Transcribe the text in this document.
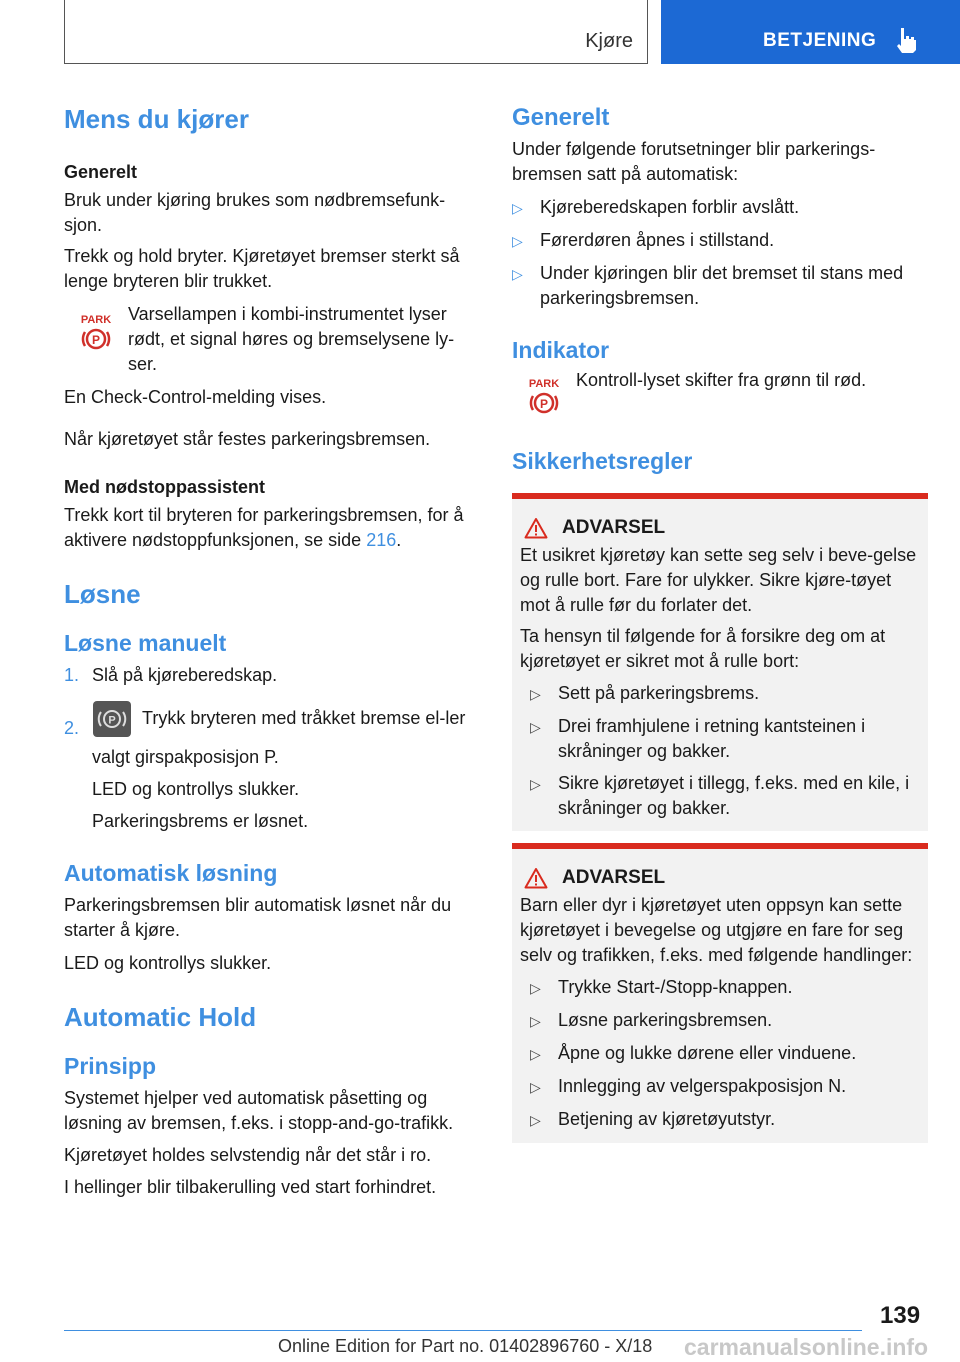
Kjøre	BETJENING
Mens du kjører
Generelt

Bruk under kjøring brukes som nødbremsefunk-sjon.

Trekk og hold bryter. Kjøretøyet bremser sterkt så lenge bryteren blir trukket.

PARK
P

Varsellampen i kombi-instrumentet lyser rødt, et signal høres og bremselysene ly-ser.

En Check-Control-melding vises.

Når kjøretøyet står festes parkeringsbremsen.

Med nødstoppassistent

Trekk kort til bryteren for parkeringsbremsen, for å aktivere nødstoppfunksjonen, se side 216.

Løsne
Løsne manuelt
1. Slå på kjøreberedskap.
2.	P Trykk bryteren med tråkket bremse el-ler valgt girspakposisjon P.
LED og kontrollys slukker.
Parkeringsbrems er løsnet.
Automatisk løsning

Parkeringsbremsen blir automatisk løsnet når du starter å kjøre.

LED og kontrollys slukker.

Automatic Hold
Prinsipp

Systemet hjelper ved automatisk påsetting og løsning av bremsen, f.eks. i stopp-and-go-trafikk.

Kjøretøyet holdes selvstendig når det står i ro.

I hellinger blir tilbakerulling ved start forhindret.

Generelt

Under følgende forutsetninger blir parkerings-bremsen satt på automatisk:

▷ Kjøreberedskapen forblir avslått.
▷ Førerdøren åpnes i stillstand.
▷ Under kjøringen blir det bremset til stans med parkeringsbremsen.
Indikator
PARK
P

Kontroll-lyset skifter fra grønn til rød.

Sikkerhetsregler
ADVARSEL

Et usikret kjøretøy kan sette seg selv i beve-gelse og rulle bort. Fare for ulykker. Sikre kjøre-tøyet mot å rulle før du forlater det.

Ta hensyn til følgende for å forsikre deg om at kjøretøyet er sikret mot å rulle bort:

▷ Sett på parkeringsbrems.
▷ Drei framhjulene i retning kantsteinen i skråninger og bakker.
▷ Sikre kjøretøyet i tillegg, f.eks. med en kile, i skråninger og bakker.
ADVARSEL

Barn eller dyr i kjøretøyet uten oppsyn kan sette kjøretøyet i bevegelse og utgjøre en fare for seg selv og trafikken, f.eks. med følgende handlinger:

▷ Trykke Start-/Stopp-knappen.
▷ Løsne parkeringsbremsen.
▷ Åpne og lukke dørene eller vinduene.
▷ Innlegging av velgerspakposisjon N.
▷ Betjening av kjøretøyutstyr.
139
Online Edition for Part no. 01402896760 - X/18 carmanualsonline.info
